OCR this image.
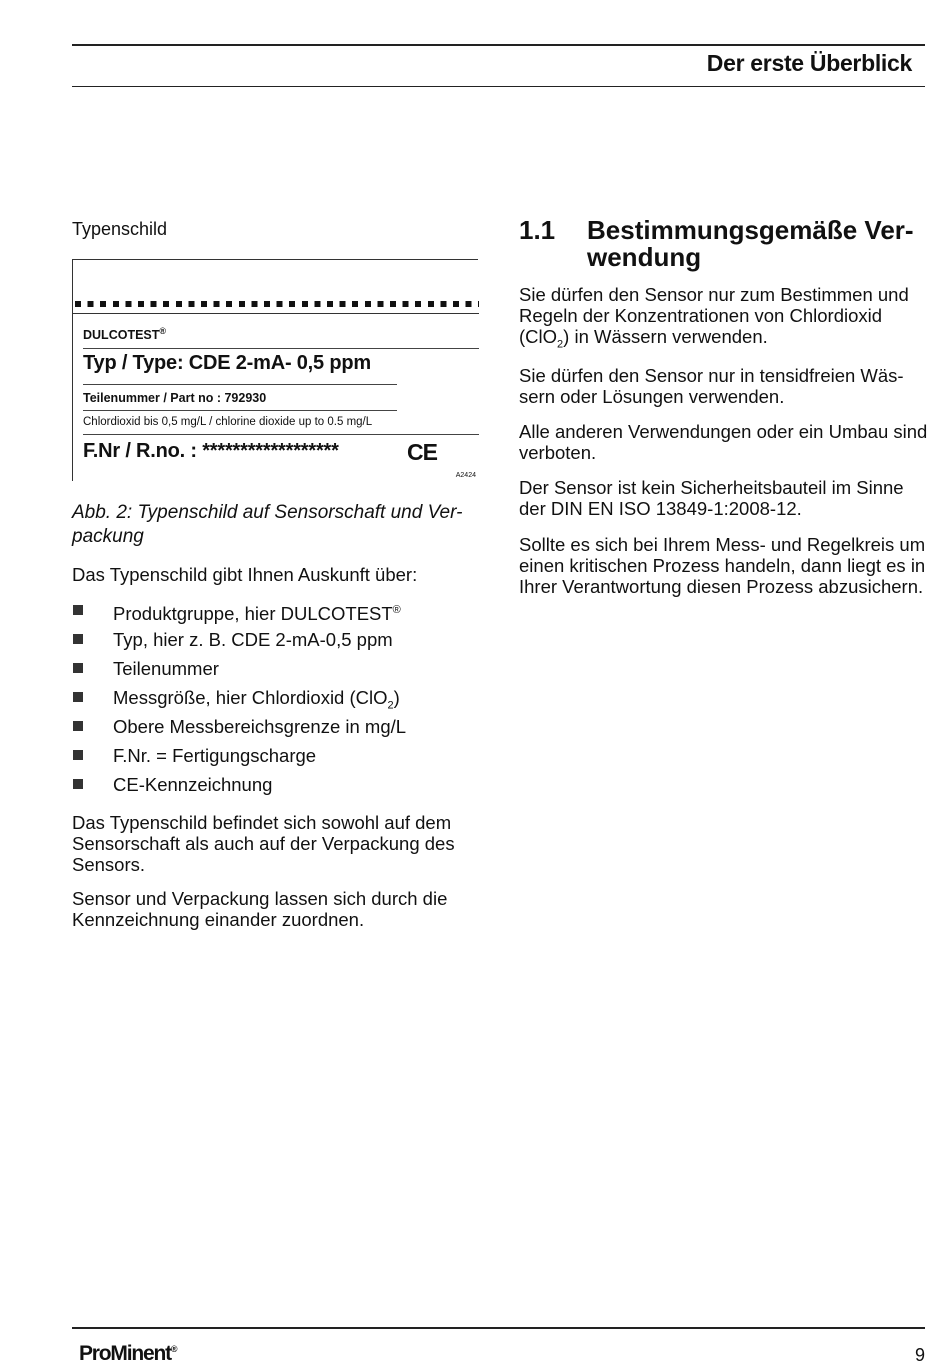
Der erste Überblick
Typenschild
DULCOTEST®
Typ / Type: CDE 2-mA- 0,5 ppm
Teilenummer / Part no : 792930
Chlordioxid bis 0,5 mg/L / chlorine dioxide up to 0.5 mg/L
F.Nr / R.no. : ******************	CE
A2424
Abb. 2: Typenschild auf Sensorschaft und Ver-
packung

Das Typenschild gibt Ihnen Auskunft über:

Produktgruppe, hier DULCOTEST®
Typ, hier z. B. CDE 2-mA-0,5 ppm
Teilenummer
Messgröße, hier Chlordioxid (ClO$_2$)
Obere Messbereichsgrenze in mg/L
F.Nr. = Fertigungscharge
CE-Kennzeichnung

Das Typenschild befindet sich sowohl auf dem Sensorschaft als auch auf der Verpackung des Sensors.

Sensor und Verpackung lassen sich durch die Kennzeichnung einander zuordnen.

1.1 Bestimmungsgemäße Ver-
wendung

Sie dürfen den Sensor nur zum Bestimmen und Regeln der Konzentrationen von Chlordioxid (ClO$_2$) in Wässern verwenden.

Sie dürfen den Sensor nur in tensidfreien Wäs-
sern oder Lösungen verwenden.

Alle anderen Verwendungen oder ein Umbau sind verboten.

Der Sensor ist kein Sicherheitsbauteil im Sinne der DIN EN ISO 13849-1:2008-12.

Sollte es sich bei Ihrem Mess- und Regelkreis um einen kritischen Prozess handeln, dann liegt es in Ihrer Verantwortung diesen Prozess abzusichern.

ProMinent®	9
